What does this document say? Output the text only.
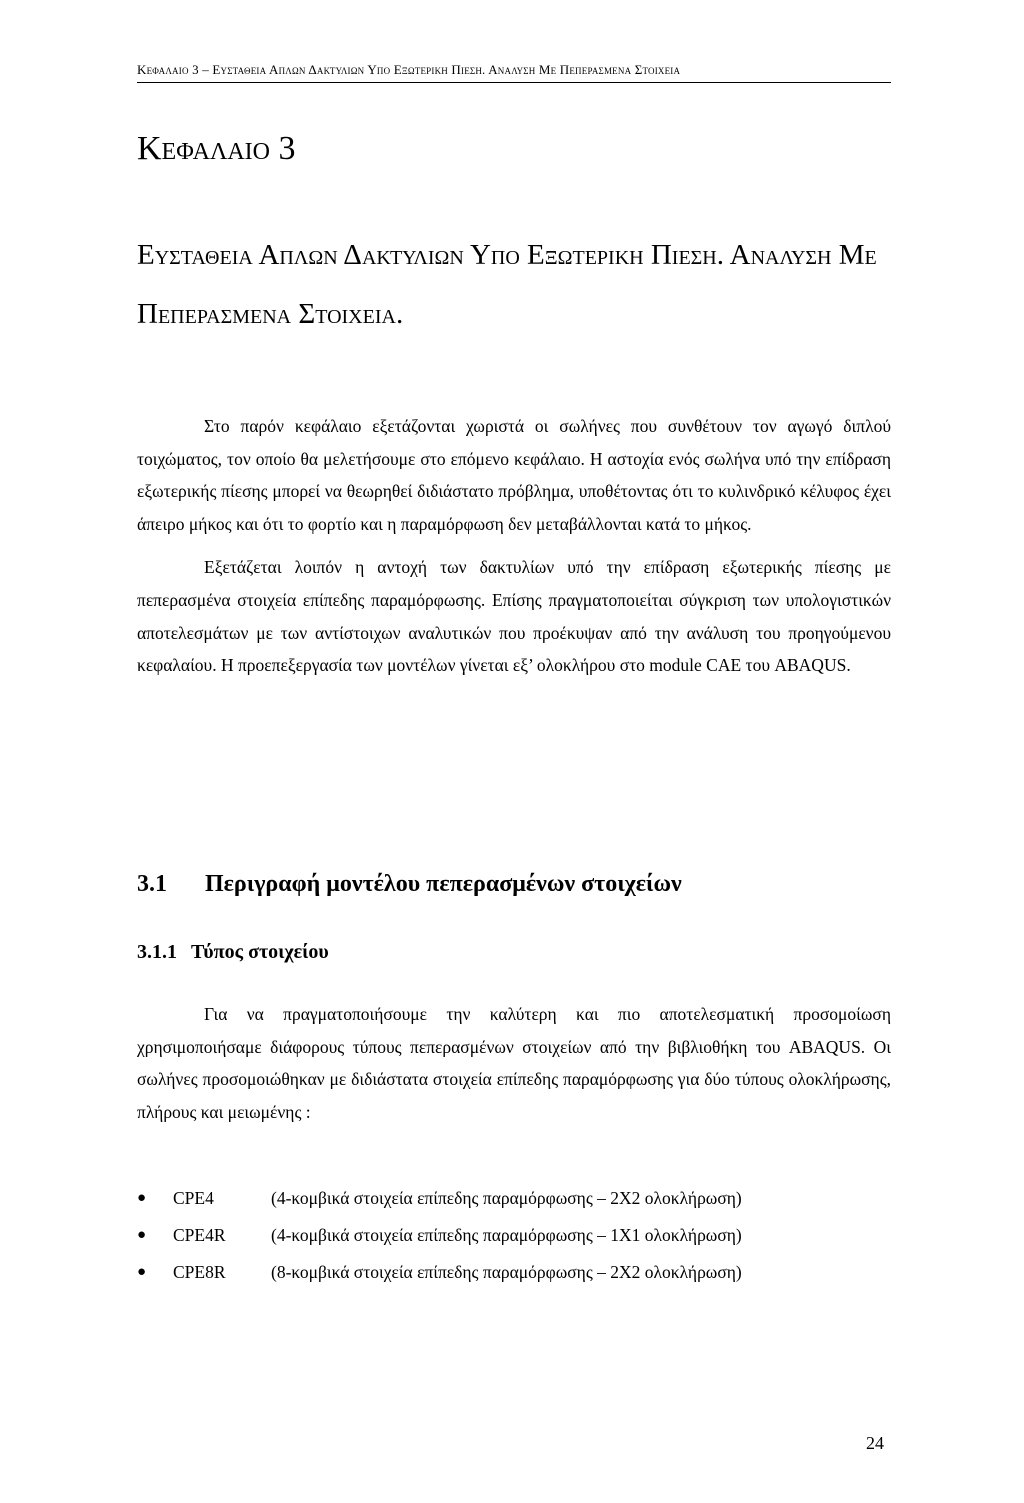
Κεφαλαιο 3 – Ευσταθεια Απλων Δακτυλιων Υπο Εξωτερικη Πιεση. Αναλυση Με Πεπερασμενα Στοιχεια
Κεφαλαιο 3
Ευσταθεια Απλων Δακτυλιων Υπο Εξωτερικη Πιεση. Αναλυση Με Πεπερασμενα Στοιχεια.

Στο παρόν κεφάλαιο εξετάζονται χωριστά οι σωλήνες που συνθέτουν τον αγωγό διπλού τοιχώματος, τον οποίο θα μελετήσουμε στο επόμενο κεφάλαιο. Η αστοχία ενός σωλήνα υπό την επίδραση εξωτερικής πίεσης μπορεί να θεωρηθεί διδιάστατο πρόβλημα, υποθέτοντας ότι το κυλινδρικό κέλυφος έχει άπειρο μήκος και ότι το φορτίο και η παραμόρφωση δεν μεταβάλλονται κατά το μήκος.

Εξετάζεται λοιπόν η αντοχή των δακτυλίων υπό την επίδραση εξωτερικής πίεσης με πεπερασμένα στοιχεία επίπεδης παραμόρφωσης. Επίσης πραγματοποιείται σύγκριση των υπολογιστικών αποτελεσμάτων με των αντίστοιχων αναλυτικών που προέκυψαν από την ανάλυση του προηγούμενου κεφαλαίου. Η προεπεξεργασία των μοντέλων γίνεται εξ’ ολοκλήρου στο module CAE του ABAQUS.

3.1 Περιγραφή μοντέλου πεπερασμένων στοιχείων
3.1.1 Τύπος στοιχείου

Για να πραγματοποιήσουμε την καλύτερη και πιο αποτελεσματική προσομοίωση χρησιμοποιήσαμε διάφορους τύπους πεπερασμένων στοιχείων από την βιβλιοθήκη του ABAQUS. Οι σωλήνες προσομοιώθηκαν με διδιάστατα στοιχεία επίπεδης παραμόρφωσης για δύο τύπους ολοκλήρωσης, πλήρους και μειωμένης :

●	CPE4	(4-κομβικά στοιχεία επίπεδης παραμόρφωσης – 2X2 ολοκλήρωση)
●	CPE4R	(4-κομβικά στοιχεία επίπεδης παραμόρφωσης – 1X1 ολοκλήρωση)
●	CPE8R	(8-κομβικά στοιχεία επίπεδης παραμόρφωσης – 2X2 ολοκλήρωση)
24
